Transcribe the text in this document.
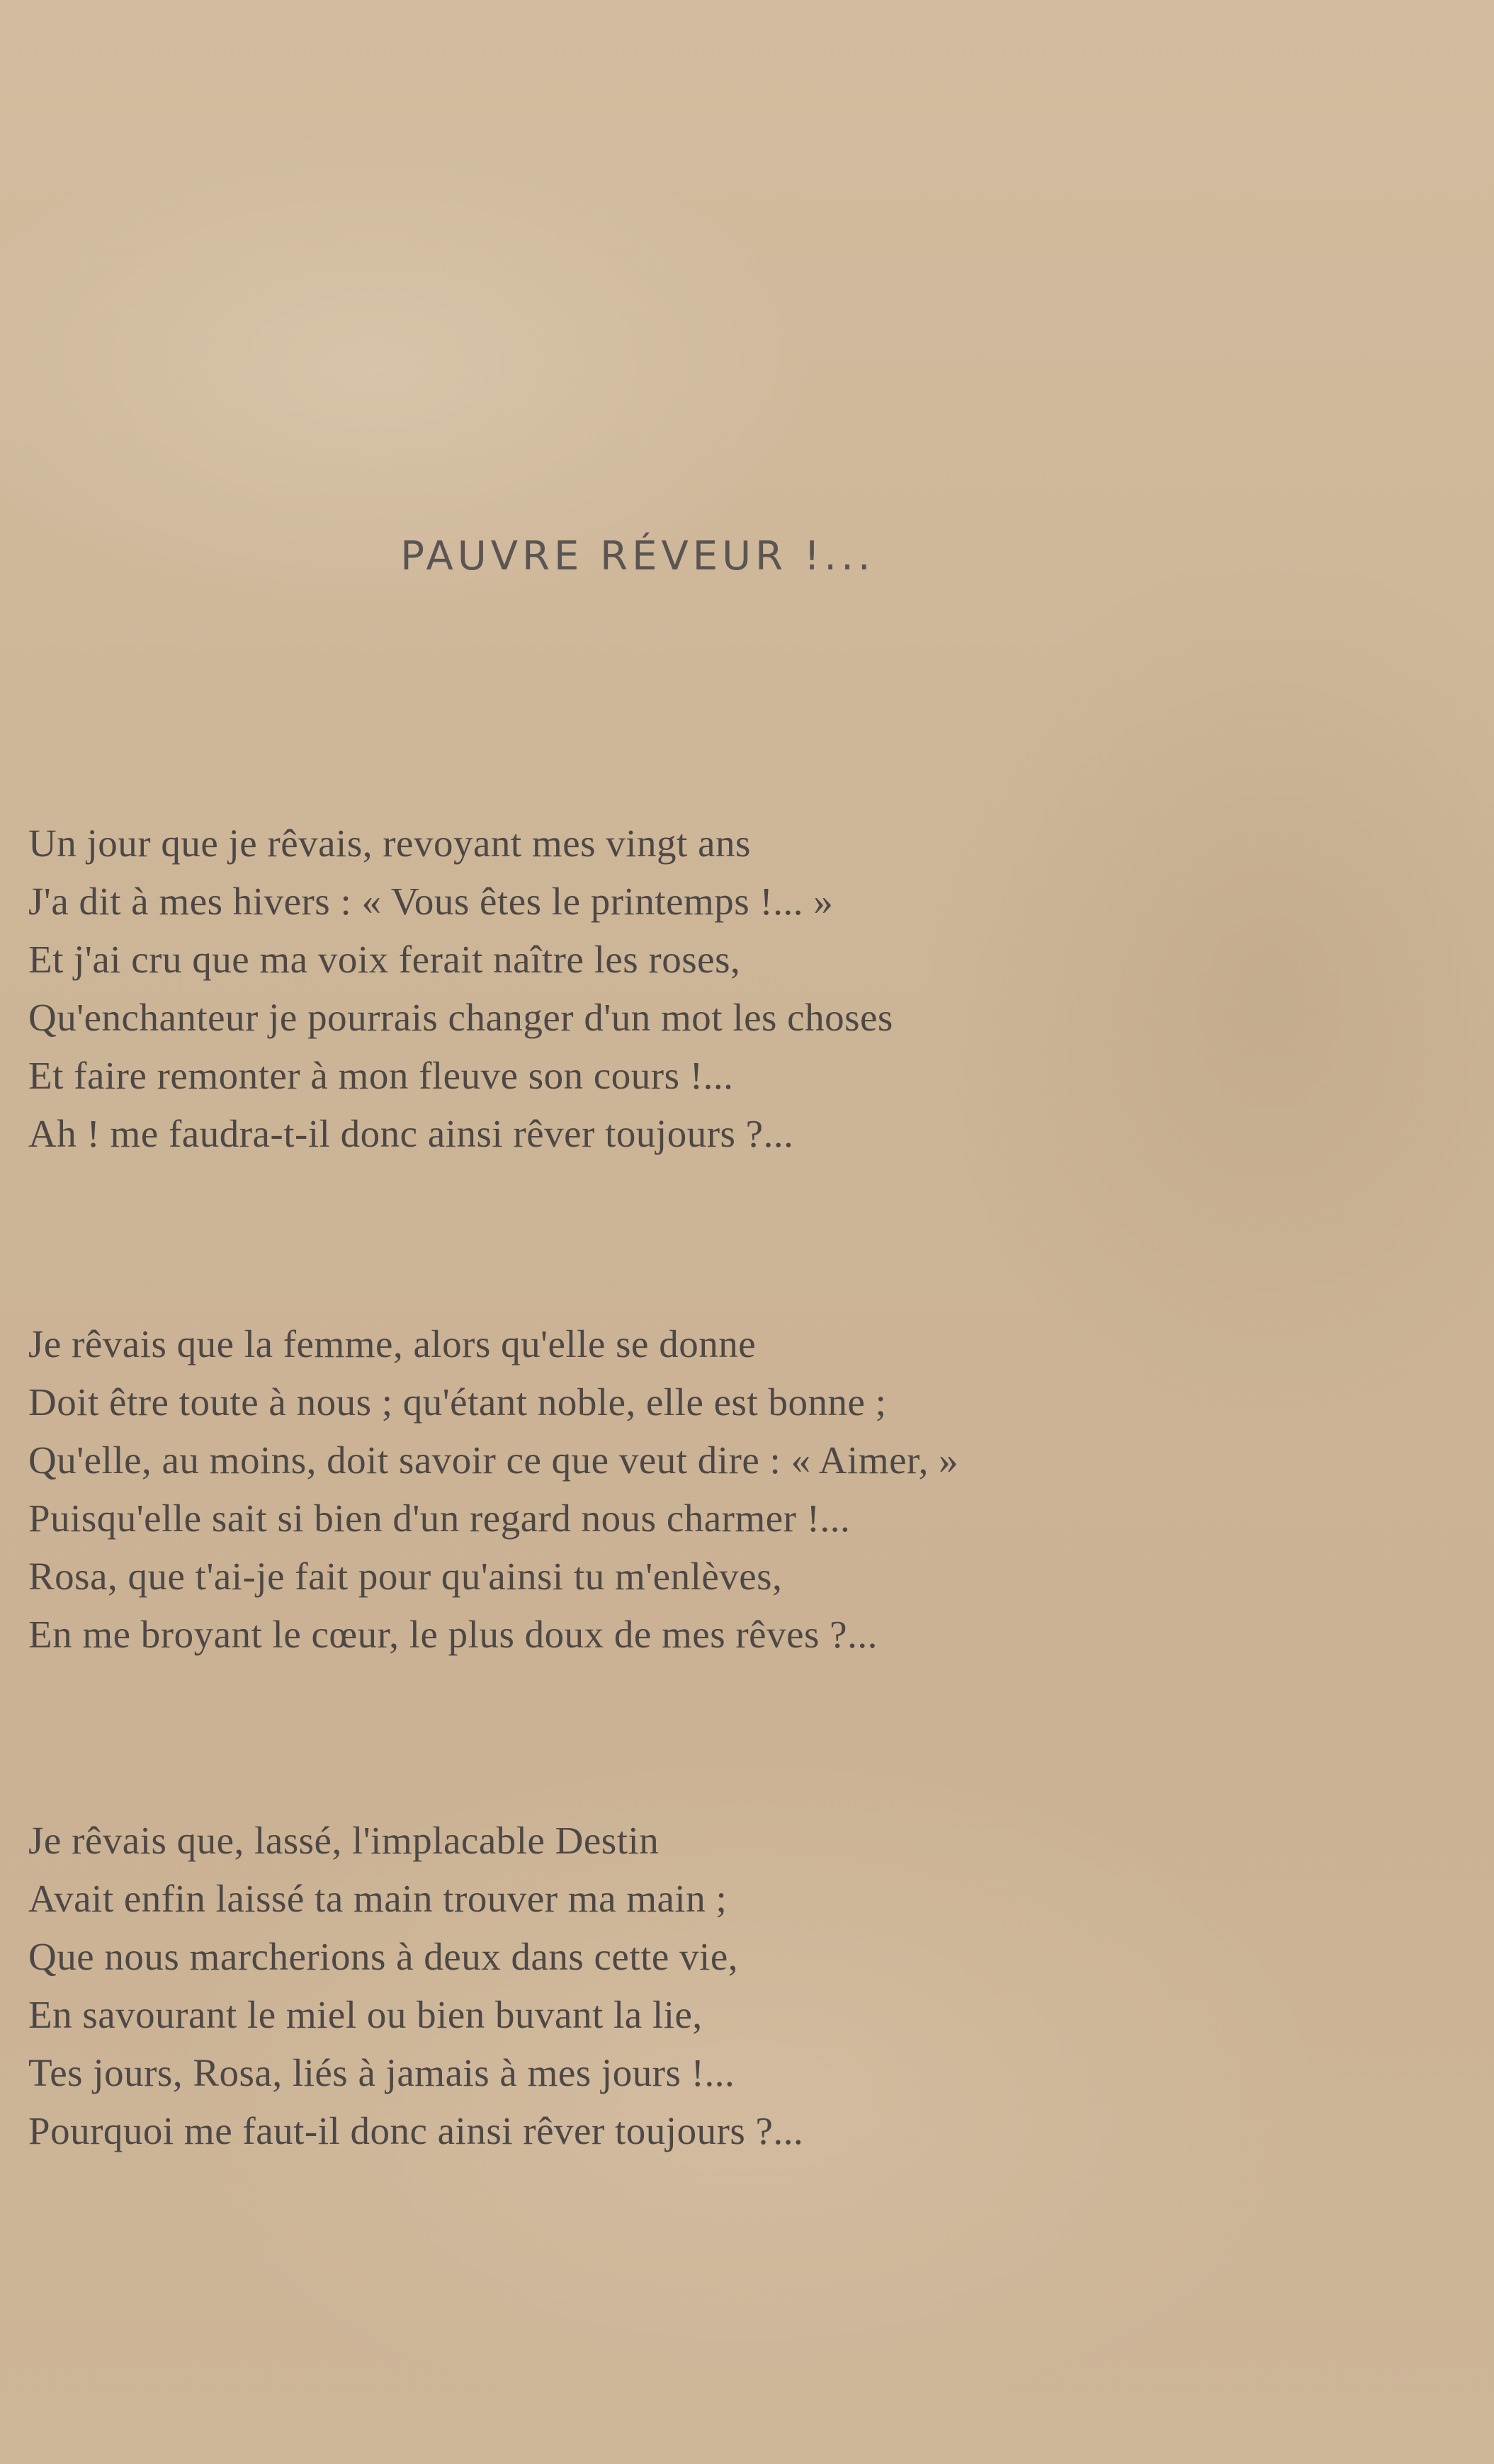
PAUVRE RÉVEUR !...
Un jour que je rêvais, revoyant mes vingt ans
J'a dit à mes hivers : « Vous êtes le printemps !... »
Et j'ai cru que ma voix ferait naître les roses,
Qu'enchanteur je pourrais changer d'un mot les choses
Et faire remonter à mon fleuve son cours !...
Ah ! me faudra-t-il donc ainsi rêver toujours ?...
Je rêvais que la femme, alors qu'elle se donne
Doit être toute à nous ; qu'étant noble, elle est bonne ;
Qu'elle, au moins, doit savoir ce que veut dire : « Aimer, »
Puisqu'elle sait si bien d'un regard nous charmer !...
Rosa, que t'ai-je fait pour qu'ainsi tu m'enlèves,
En me broyant le cœur, le plus doux de mes rêves ?...
Je rêvais que, lassé, l'implacable Destin
Avait enfin laissé ta main trouver ma main ;
Que nous marcherions à deux dans cette vie,
En savourant le miel ou bien buvant la lie,
Tes jours, Rosa, liés à jamais à mes jours !...
Pourquoi me faut-il donc ainsi rêver toujours ?...
